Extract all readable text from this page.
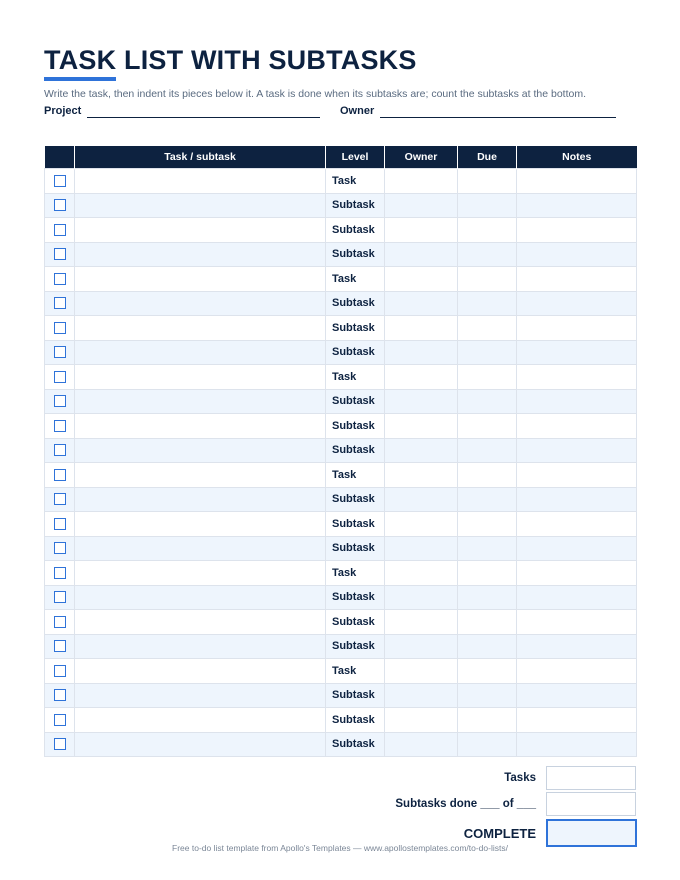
TASK LIST WITH SUBTASKS
Write the task, then indent its pieces below it. A task is done when its subtasks are; count the subtasks at the bottom.
Project	Owner
	Task / subtask	Level	Owner	Due	Notes
		Task			
		Subtask			
		Subtask			
		Subtask			
		Task			
		Subtask			
		Subtask			
		Subtask			
		Task			
		Subtask			
		Subtask			
		Subtask			
		Task			
		Subtask			
		Subtask			
		Subtask			
		Task			
		Subtask			
		Subtask			
		Subtask			
		Task			
		Subtask			
		Subtask			
		Subtask			
Tasks
Subtasks done ___ of ___
COMPLETE
Free to-do list template from Apollo's Templates — www.apollostemplates.com/to-do-lists/
